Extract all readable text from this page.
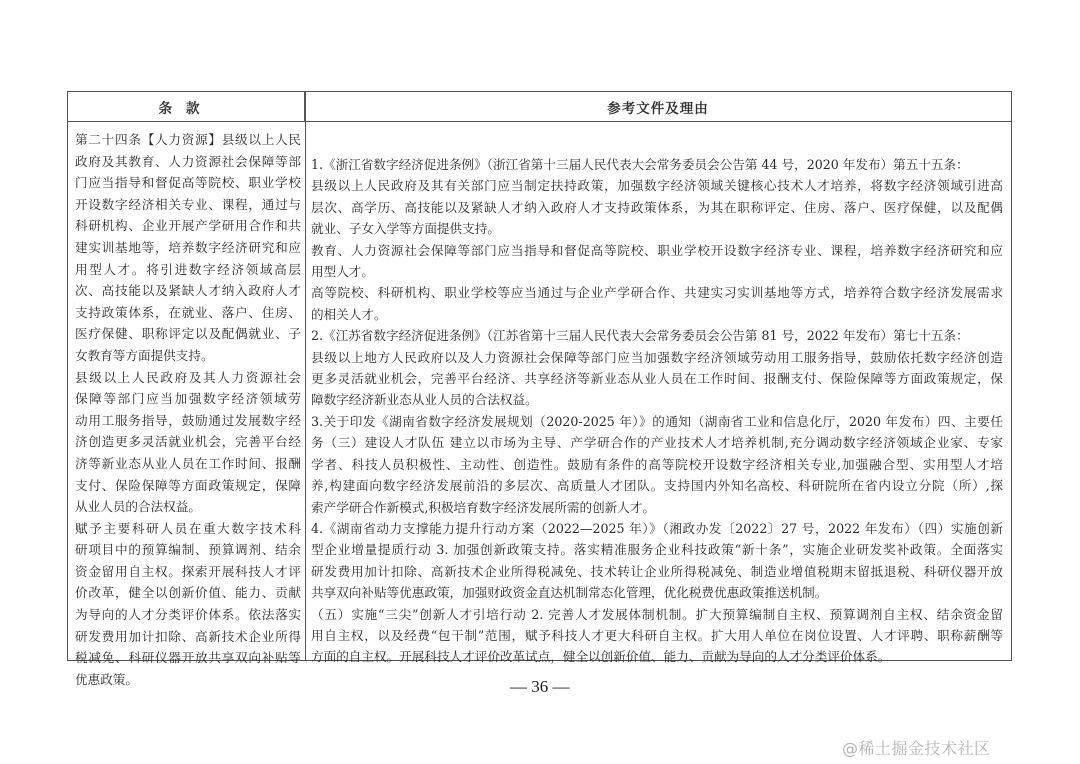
条款	参考文件及理由
第二十四条【人力资源】县级以上人民
政府及其教育、人力资源社会保障等部
门应当指导和督促高等院校、职业学校
开设数字经济相关专业、课程，通过与
科研机构、企业开展产学研用合作和共
建实训基地等，培养数字经济研究和应
用型人才。将引进数字经济领域高层
次、高技能以及紧缺人才纳入政府人才
支持政策体系，在就业、落户、住房、
医疗保健、职称评定以及配偶就业、子
女教育等方面提供支持。
县级以上人民政府及其人力资源社会
保障等部门应当加强数字经济领域劳
动用工服务指导，鼓励通过发展数字经
济创造更多灵活就业机会，完善平台经
济等新业态从业人员在工作时间、报酬
支付、保险保障等方面政策规定，保障
从业人员的合法权益。
赋予主要科研人员在重大数字技术科
研项目中的预算编制、预算调剂、结余
资金留用自主权。探索开展科技人才评
价改革，健全以创新价值、能力、贡献
为导向的人才分类评价体系。依法落实
研发费用加计扣除、高新技术企业所得
税减免、科研仪器开放共享双向补贴等
优惠政策。
1.《浙江省数字经济促进条例》（浙江省第十三届人民代表大会常务委员会公告第 44 号，2020 年发布）第五十五条：
县级以上人民政府及其有关部门应当制定扶持政策，加强数字经济领域关键核心技术人才培养，将数字经济领域引进高
层次、高学历、高技能以及紧缺人才纳入政府人才支持政策体系，为其在职称评定、住房、落户、医疗保健，以及配偶
就业、子女入学等方面提供支持。
教育、人力资源社会保障等部门应当指导和督促高等院校、职业学校开设数字经济专业、课程，培养数字经济研究和应
用型人才。
高等院校、科研机构、职业学校等应当通过与企业产学研合作、共建实习实训基地等方式，培养符合数字经济发展需求
的相关人才。
2.《江苏省数字经济促进条例》（江苏省第十三届人民代表大会常务委员会公告第 81 号，2022 年发布）第七十五条：
县级以上地方人民政府以及人力资源社会保障等部门应当加强数字经济领域劳动用工服务指导，鼓励依托数字经济创造
更多灵活就业机会，完善平台经济、共享经济等新业态从业人员在工作时间、报酬支付、保险保障等方面政策规定，保
障数字经济新业态从业人员的合法权益。
3.关于印发《湖南省数字经济发展规划（2020-2025 年）》的通知（湖南省工业和信息化厅，2020 年发布）四、主要任
务（三）建设人才队伍 建立以市场为主导、产学研合作的产业技术人才培养机制,充分调动数字经济领域企业家、专家
学者、科技人员积极性、主动性、创造性。鼓励有条件的高等院校开设数字经济相关专业,加强融合型、实用型人才培
养,构建面向数字经济发展前沿的多层次、高质量人才团队。支持国内外知名高校、科研院所在省内设立分院（所）,探
索产学研合作新模式,积极培育数字经济发展所需的创新人才。
4.《湖南省动力支撑能力提升行动方案（2022—2025 年）》（湘政办发〔2022〕27 号，2022 年发布）（四）实施创新
型企业增量提质行动 3. 加强创新政策支持。落实精准服务企业科技政策“新十条”，实施企业研发奖补政策。全面落实
研发费用加计扣除、高新技术企业所得税减免、技术转让企业所得税减免、制造业增值税期末留抵退税、科研仪器开放
共享双向补贴等优惠政策，加强财政资金直达机制常态化管理，优化税费优惠政策推送机制。
（五）实施“三尖”创新人才引培行动 2. 完善人才发展体制机制。扩大预算编制自主权、预算调剂自主权、结余资金留
用自主权，以及经费“包干制”范围，赋予科技人才更大科研自主权。扩大用人单位在岗位设置、人才评聘、职称薪酬等
方面的自主权。开展科技人才评价改革试点，健全以创新价值、能力、贡献为导向的人才分类评价体系。
— 36 —
@稀土掘金技术社区
